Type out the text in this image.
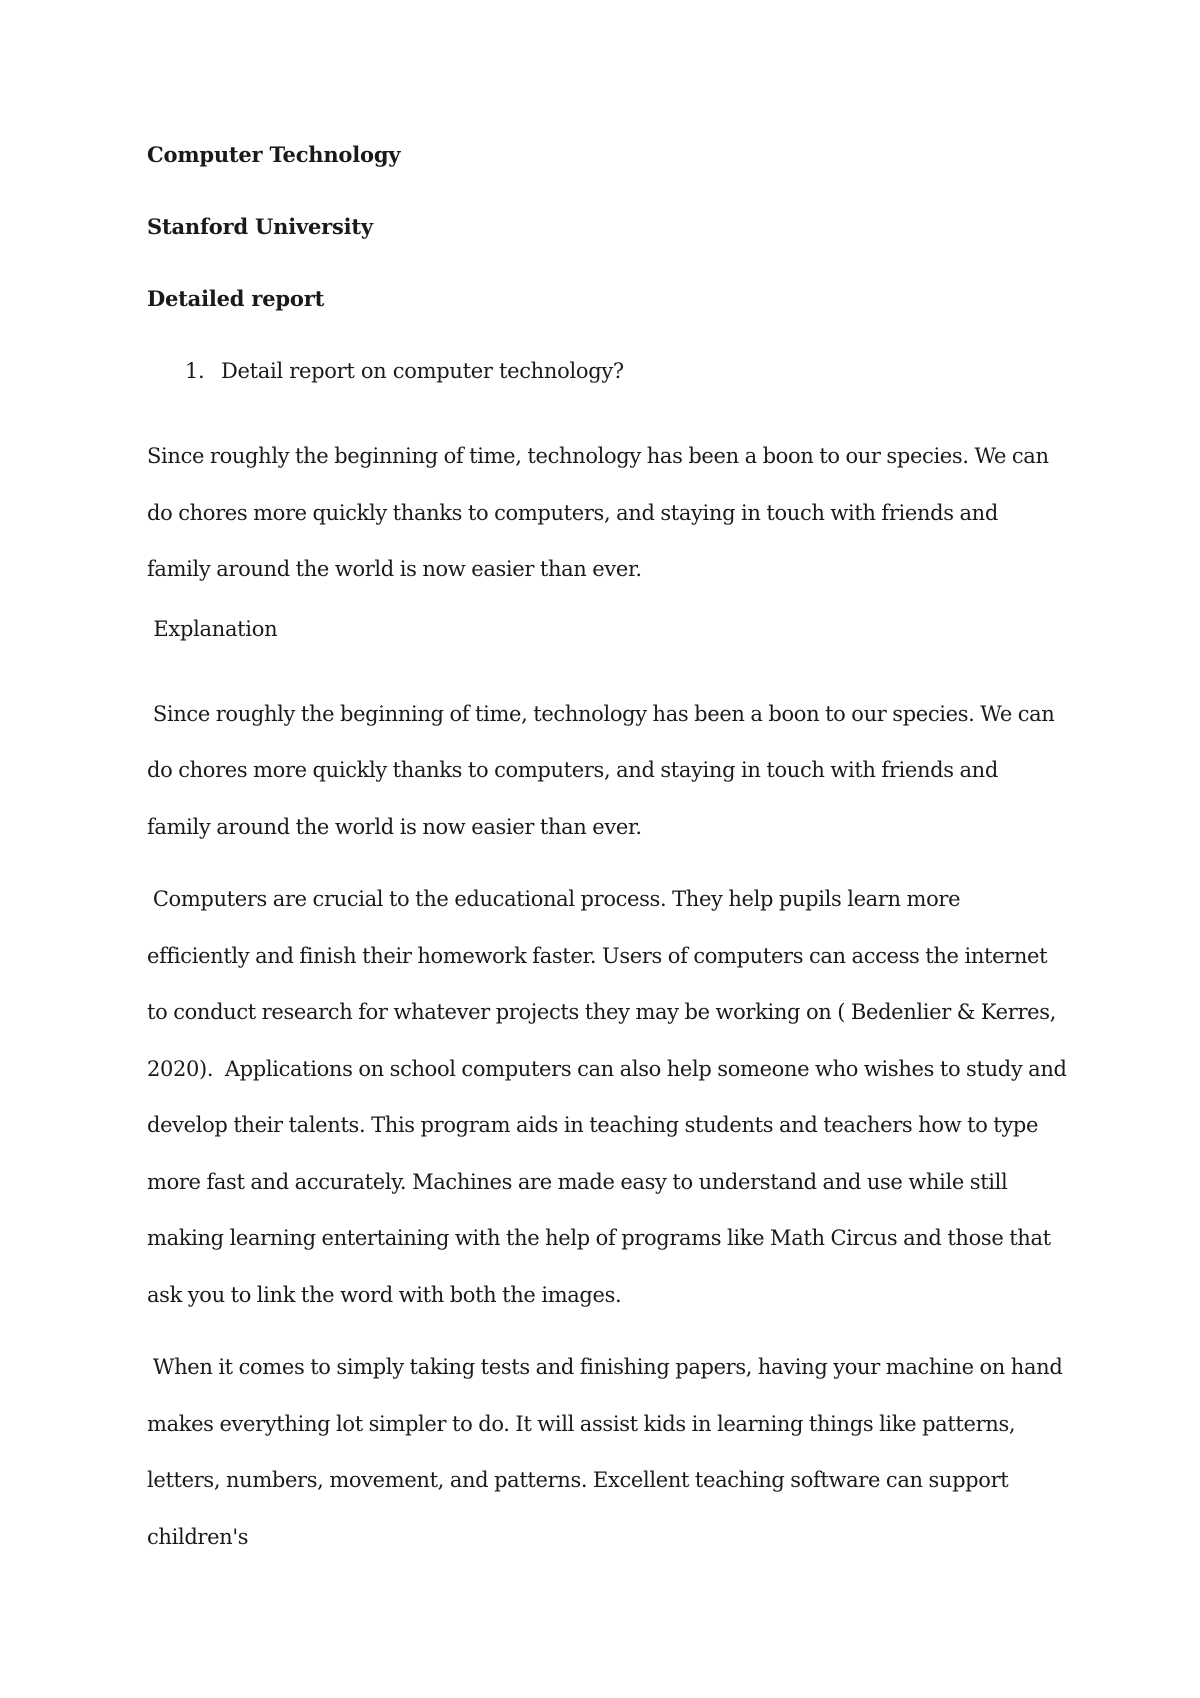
Computer Technology
Stanford University
Detailed report
1. Detail report on computer technology?
Since roughly the beginning of time, technology has been a boon to our species. We can do chores more quickly thanks to computers, and staying in touch with friends and family around the world is now easier than ever.
Explanation
Since roughly the beginning of time, technology has been a boon to our species. We can do chores more quickly thanks to computers, and staying in touch with friends and family around the world is now easier than ever.
Computers are crucial to the educational process. They help pupils learn more efficiently and finish their homework faster. Users of computers can access the internet to conduct research for whatever projects they may be working on ( Bedenlier & Kerres, 2020).  Applications on school computers can also help someone who wishes to study and develop their talents. This program aids in teaching students and teachers how to type more fast and accurately. Machines are made easy to understand and use while still making learning entertaining with the help of programs like Math Circus and those that ask you to link the word with both the images.
When it comes to simply taking tests and finishing papers, having your machine on hand makes everything lot simpler to do. It will assist kids in learning things like patterns, letters, numbers, movement, and patterns. Excellent teaching software can support children's
